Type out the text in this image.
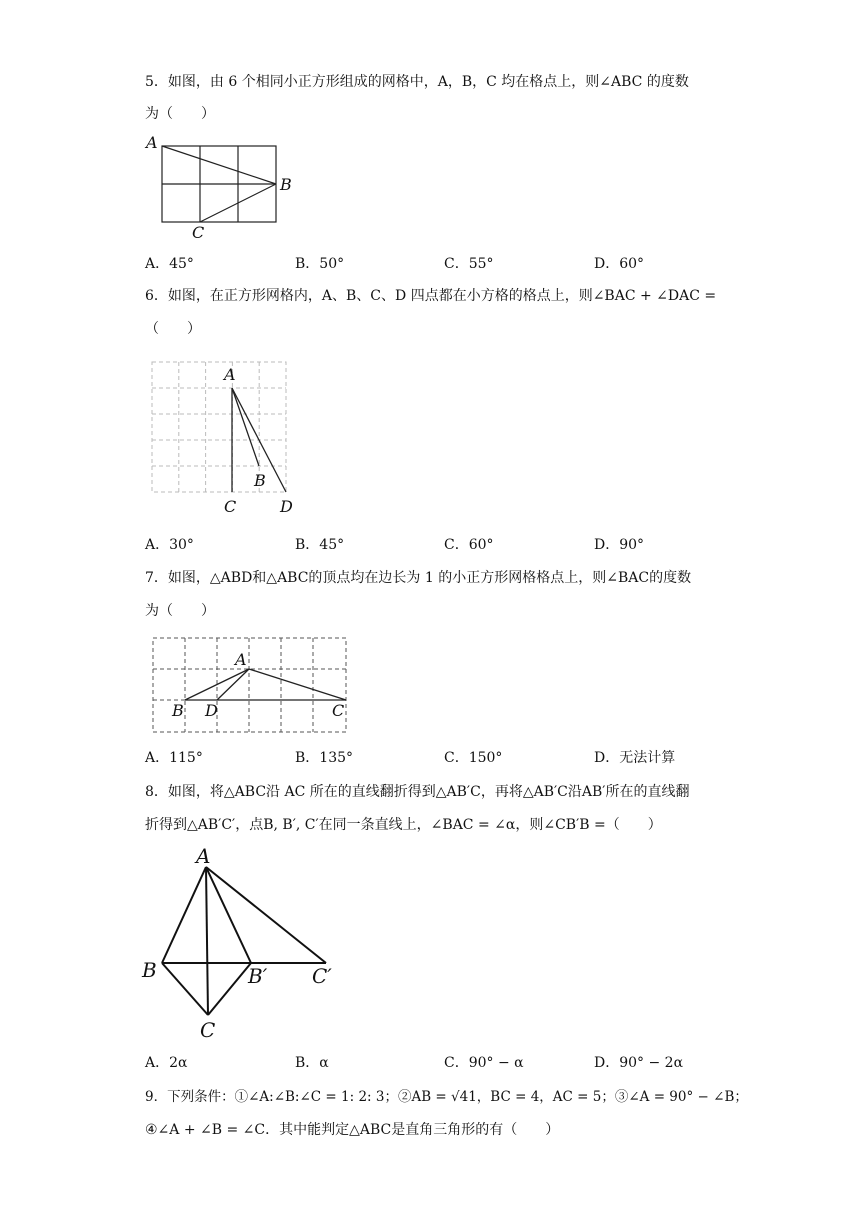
5．如图，由 6 个相同小正方形组成的网格中，A，B，C 均在格点上，则∠ABC 的度数
为（　　）
A
B
C
A．45°	B．50°	C．55°	D．60°
6．如图，在正方形网格内，A、B、C、D 四点都在小方格的格点上，则∠BAC + ∠DAC =
（　　）
A
B
C	D
A．30°	B．45°	C．60°	D．90°
7．如图，△ABD和△ABC的顶点均在边长为 1 的小正方形网格格点上，则∠BAC的度数
为（　　）
A
B D	C
A．115°	B．135°	C．150°	D．无法计算
8．如图，将△ABC沿 AC 所在的直线翻折得到△AB′C，再将△AB′C沿AB′所在的直线翻
折得到△AB′C′，点B, B′, C′在同一条直线上，∠BAC = ∠α，则∠CB′B =（　　）
A
B	B′ C′
C
A．2α	B．α	C．90° − α	D．90° − 2α
9．下列条件：①∠A:∠B:∠C = 1: 2: 3；②AB = √41，BC = 4，AC = 5；③∠A = 90° − ∠B；
④∠A + ∠B = ∠C．其中能判定△ABC是直角三角形的有（　　）
